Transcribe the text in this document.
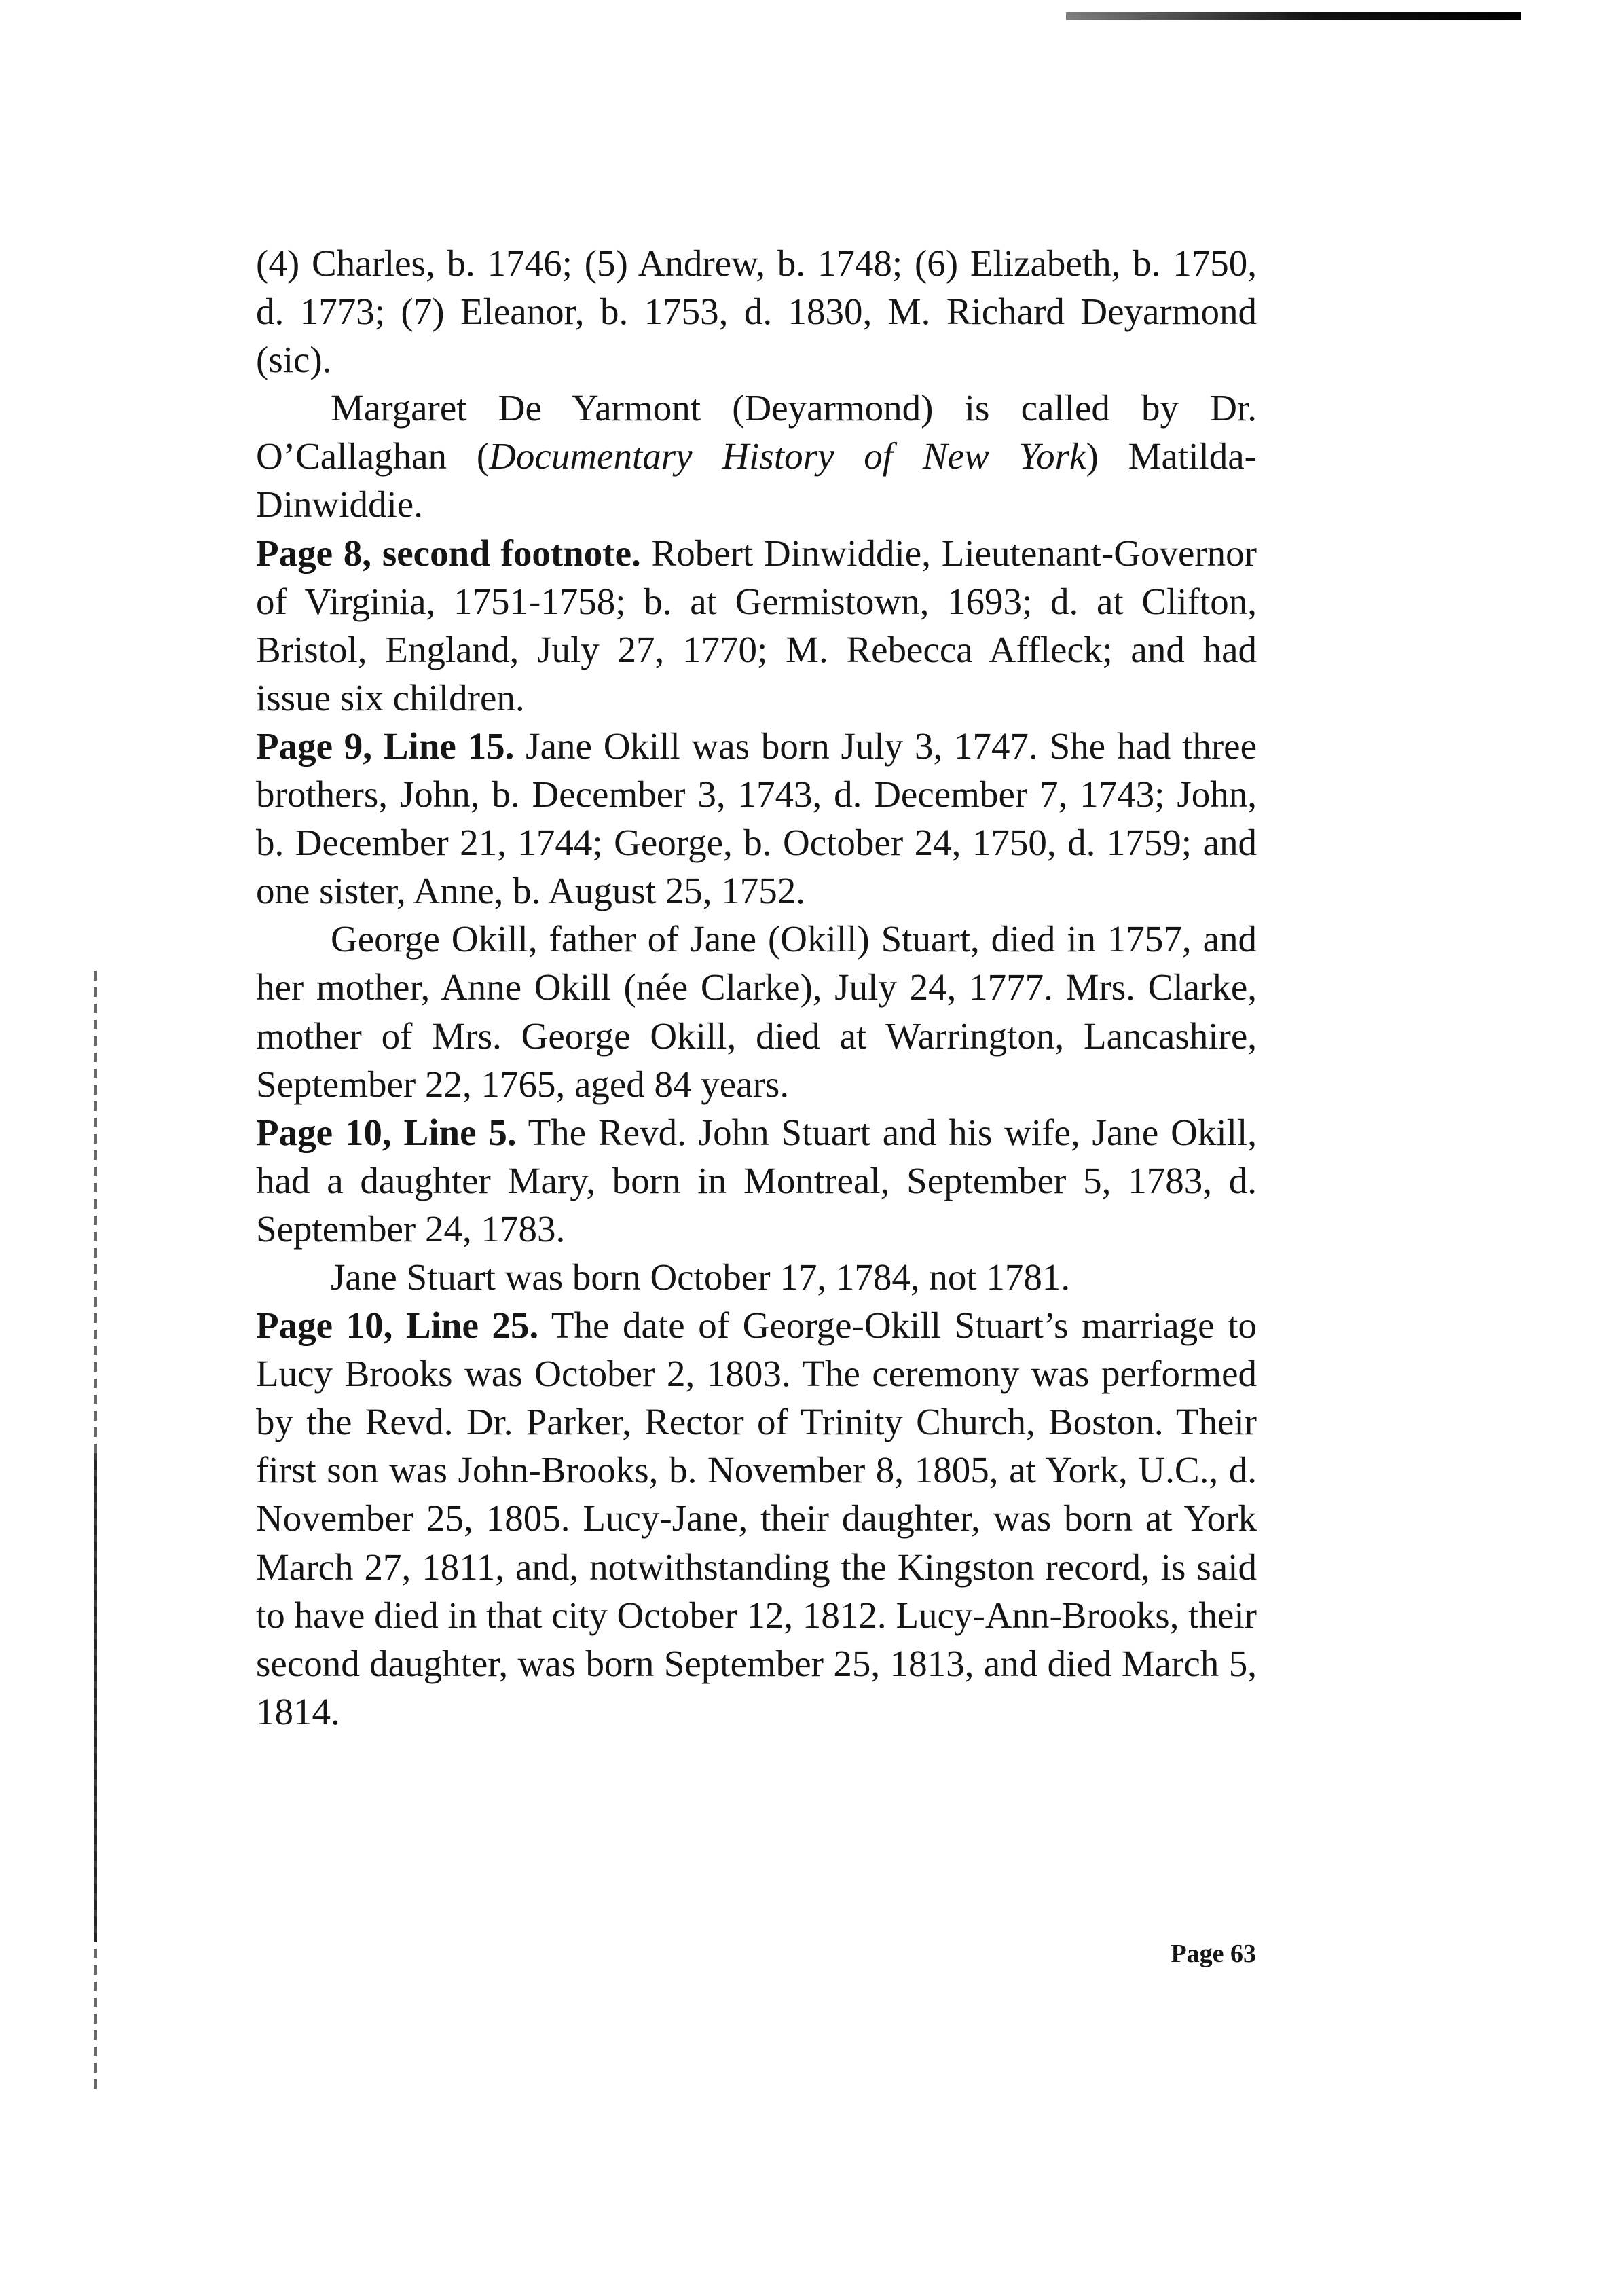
(4) Charles, b. 1746; (5) Andrew, b. 1748; (6) Elizabeth, b. 1750, d. 1773; (7) Eleanor, b. 1753, d. 1830, M. Richard Deyarmond (sic).

Margaret De Yarmont (Deyarmond) is called by Dr. O’Callaghan (Documentary History of New York) Matilda-Dinwiddie.

Page 8, second footnote. Robert Dinwiddie, Lieutenant-Governor of Virginia, 1751-1758; b. at Germistown, 1693; d. at Clifton, Bristol, England, July 27, 1770; M. Rebecca Affleck; and had issue six children.

Page 9, Line 15. Jane Okill was born July 3, 1747. She had three brothers, John, b. December 3, 1743, d. December 7, 1743; John, b. December 21, 1744; George, b. October 24, 1750, d. 1759; and one sister, Anne, b. August 25, 1752.

George Okill, father of Jane (Okill) Stuart, died in 1757, and her mother, Anne Okill (née Clarke), July 24, 1777. Mrs. Clarke, mother of Mrs. George Okill, died at Warrington, Lancashire, September 22, 1765, aged 84 years.

Page 10, Line 5. The Revd. John Stuart and his wife, Jane Okill, had a daughter Mary, born in Montreal, September 5, 1783, d. September 24, 1783.

Jane Stuart was born October 17, 1784, not 1781.

Page 10, Line 25. The date of George-Okill Stuart’s marriage to Lucy Brooks was October 2, 1803. The ceremony was performed by the Revd. Dr. Parker, Rector of Trinity Church, Boston. Their first son was John-Brooks, b. November 8, 1805, at York, U.C., d. November 25, 1805. Lucy-Jane, their daughter, was born at York March 27, 1811, and, notwithstanding the Kingston record, is said to have died in that city October 12, 1812. Lucy-Ann-Brooks, their second daughter, was born September 25, 1813, and died March 5, 1814.

Page 63
